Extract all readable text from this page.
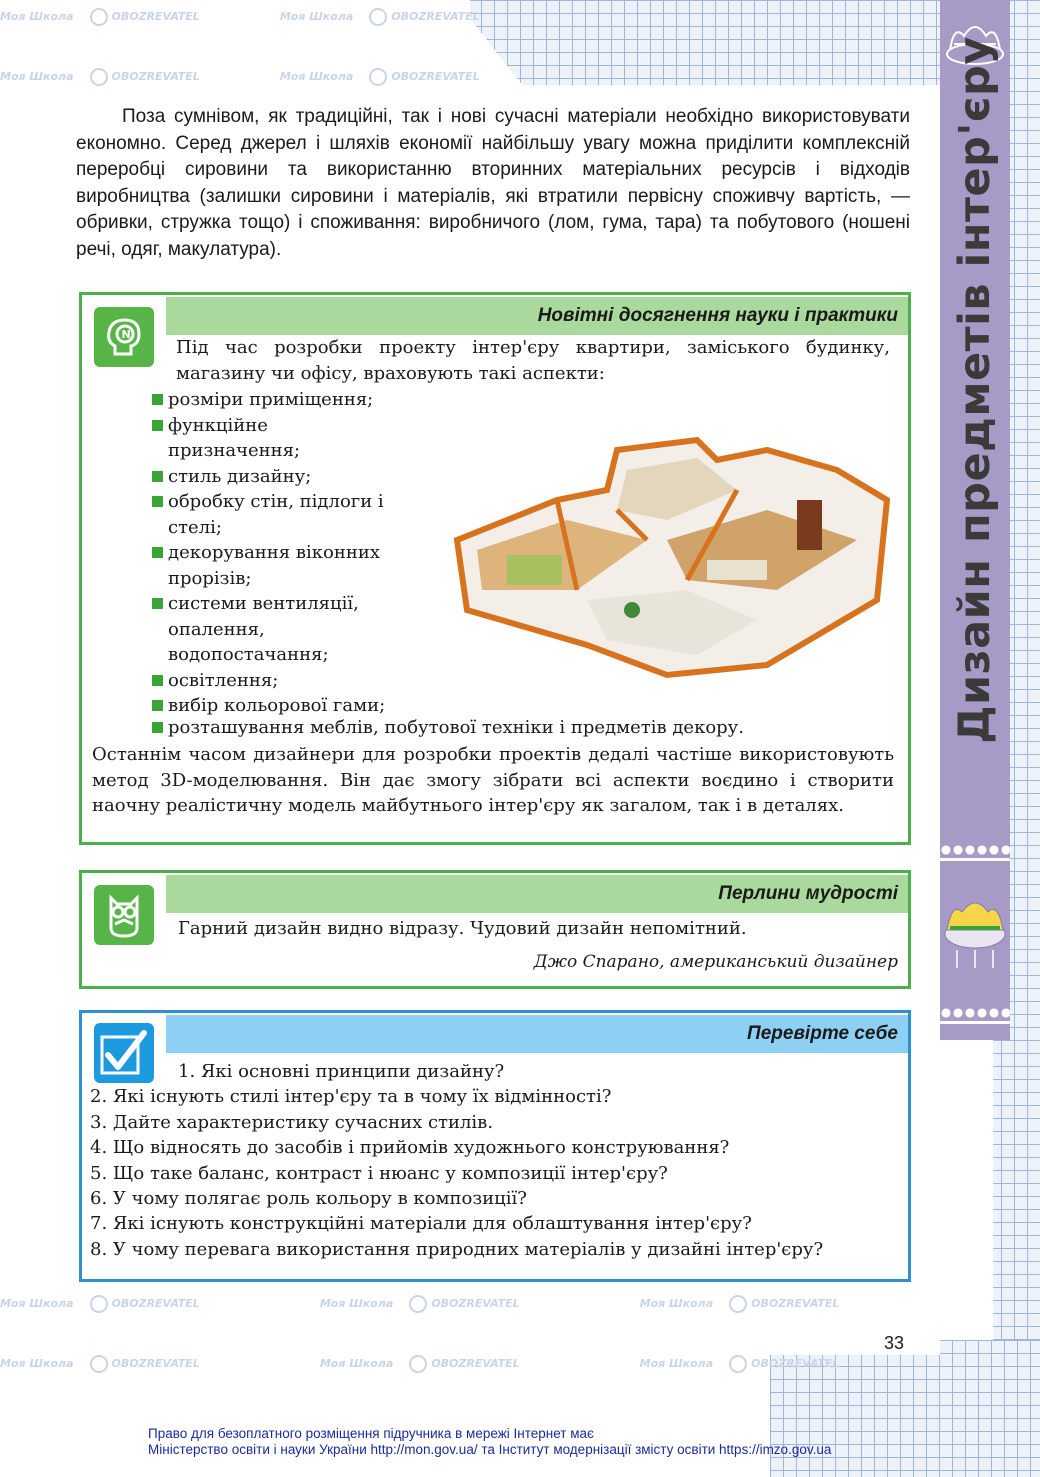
Моя Школа	OBOZREVATEL	Моя Школа	OBOZREVATEL
Моя Школа	OBOZREVATEL	Моя Школа	OBOZREVATEL
Моя Школа	OBOZREVATEL	Моя Школа	OBOZREVATEL	Моя Школа	OBOZREVATEL
Моя Школа	OBOZREVATEL	Моя Школа	OBOZREVATEL	Моя Школа	OBOZREVATEL
Дизайн предметів інтер'єру

Поза сумнівом, як традиційні, так і нові сучасні матеріали необхідно використовувати економно. Серед джерел і шляхів економії найбільшу увагу можна приділити комплексній переробці сировини та використанню вторинних матеріальних ресурсів і відходів виробництва (залишки сировини і матеріалів, які втратили первісну споживчу вартість, — обривки, стружка тощо) і споживання: виробничого (лом, гума, тара) та побутового (ношені речі, одяг, макулатура).

N
Новітні досягнення науки і практики

Під час розробки проекту інтер'єру квартири, заміського будинку, магазину чи офісу, враховують такі аспекти:

розміри приміщення;
функційне призначення;
стиль дизайну;
обробку стін, підлоги і стелі;
декорування віконних прорізів;
системи вентиляції, опалення, водопостачання;
освітлення;
вибір кольорової гами;
розташування меблів, побутової техніки і предметів декору.

Останнім часом дизайнери для розробки проектів дедалі частіше використовують метод 3D-моделювання. Він дає змогу зібрати всі аспекти воєдино і створити наочну реалістичну модель майбутнього інтер'єру як загалом, так і в деталях.

Перлини мудрості

Гарний дизайн видно відразу. Чудовий дизайн непомітний.

Джо Спарано, американський дизайнер

Перевірте себе
1. Які основні принципи дизайну?
2. Які існують стилі інтер'єру та в чому їх відмінності?
3. Дайте характеристику сучасних стилів.
4. Що відносять до засобів і прийомів художнього конструювання?
5. Що таке баланс, контраст і нюанс у композиції інтер'єру?
6. У чому полягає роль кольору в композиції?
7. Які існують конструкційні матеріали для облаштування інтер'єру?
8. У чому перевага використання природних матеріалів у дизайні інтер'єру?
33
Право для безоплатного розміщення підручника в мережі Інтернет має
Міністерство освіти і науки України http://mon.gov.ua/ та Інститут модернізації змісту освіти https://imzo.gov.ua
